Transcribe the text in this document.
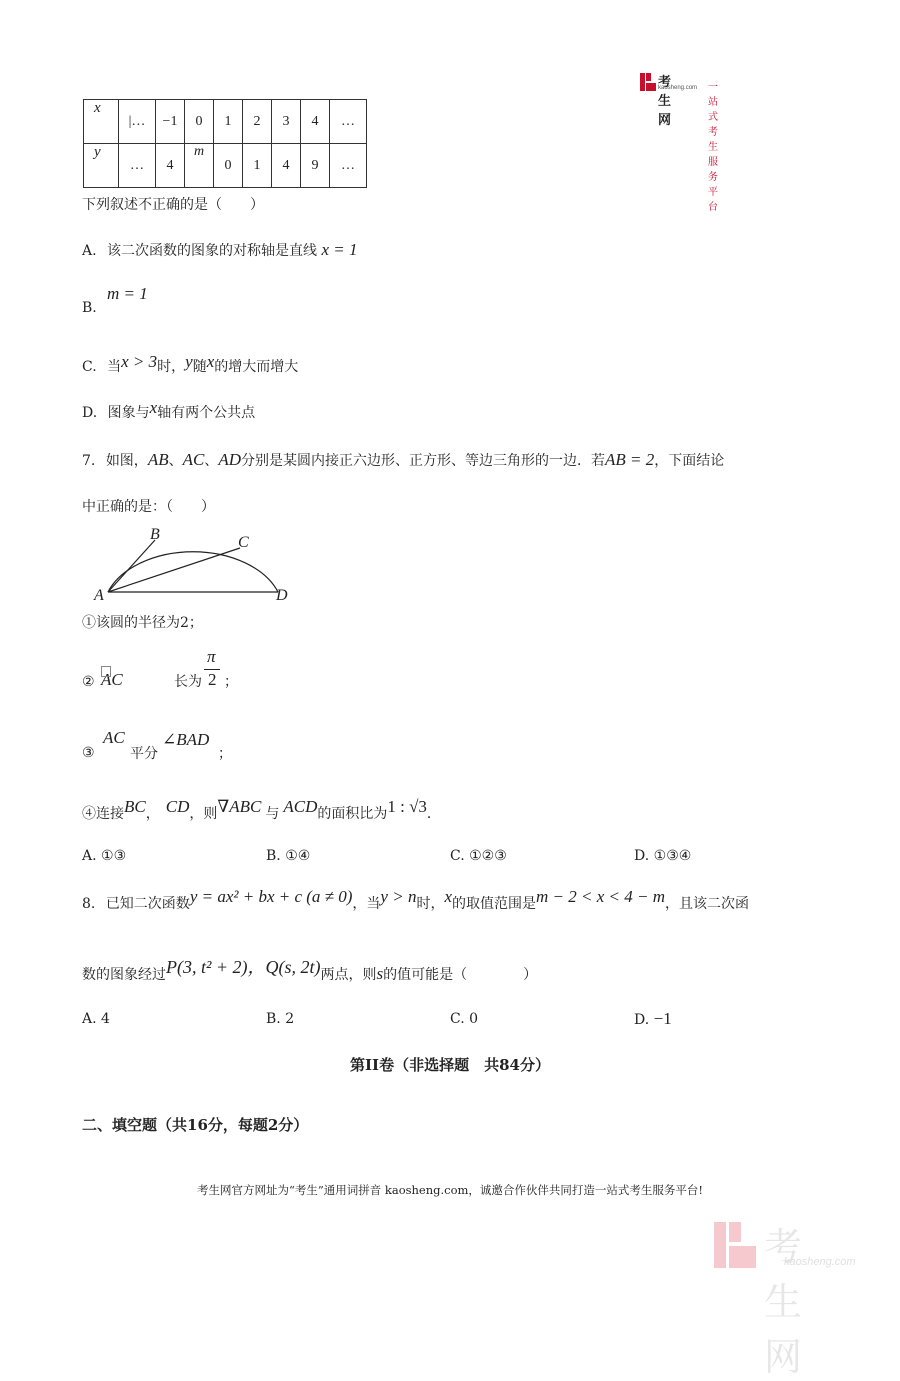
考生网
kaosheng.com 一站式考生服务平台
x	|…	−1	0	1	2	3	4	…
y	…	4	m	0	1	4	9	…
下列叙述不正确的是（　　）
A. 该二次函数的图象的对称轴是直线 x = 1
m = 1
B.
C. 当x > 3时，y随x的增大而增大
D. 图象与x轴有两个公共点
7. 如图，AB、AC、AD分别是某圆内接正六边形、正方形、等边三角形的一边．若AB = 2，下面结论
中正确的是：（　　）
A
B	C
D
①该圆的半径为2；
② AC	长为
π
2 ；
③
AC
平分
∠BAD
；
④连接BC， CD，则∇ABC 与 ACD的面积比为1 : √3．
A. ①③	B. ①④	C. ①②③	D. ①③④
8. 已知二次函数y = ax² + bx + c (a ≠ 0)，当y > n时，x的取值范围是m − 2 < x < 4 − m，且该二次函
数的图象经过P(3, t² + 2)，Q(s, 2t)两点，则s的值可能是（　　　　）
A. 4	B. 2	C. 0	D. −1
第II卷（非选择题　共84分）
二、填空题（共16分，每题2分）
考生网官方网址为“考生”通用词拼音 kaosheng.com，诚邀合作伙伴共同打造一站式考生服务平台!
考生网
kaosheng.com
